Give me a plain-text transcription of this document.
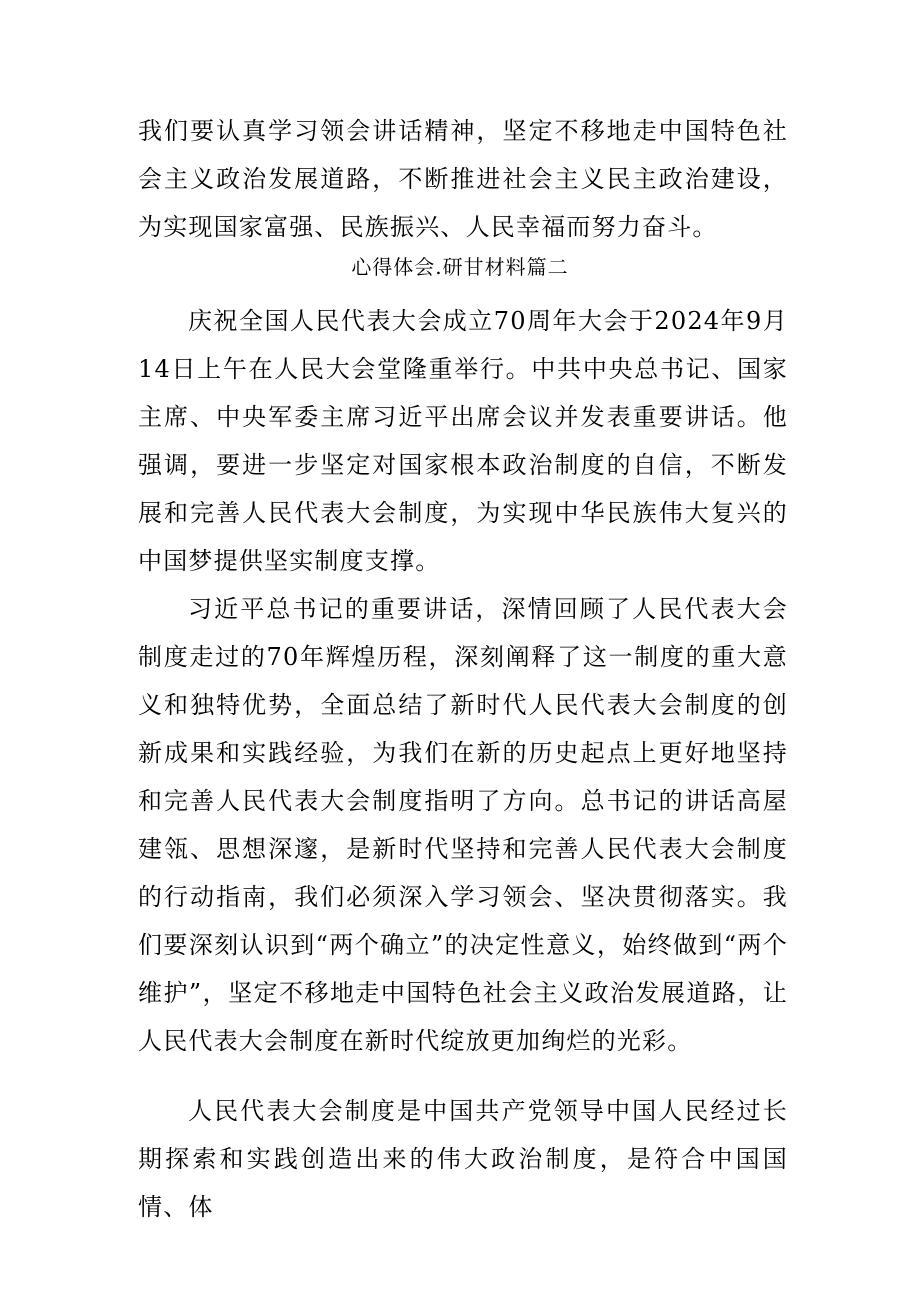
我们要认真学习领会讲话精神，坚定不移地走中国特色社会主义政治发展道路，不断推进社会主义民主政治建设，为实现国家富强、民族振兴、人民幸福而努力奋斗。
心得体会.研甘材料篇二
庆祝全国人民代表大会成立70周年大会于2024年9月14日上午在人民大会堂隆重举行。中共中央总书记、国家主席、中央军委主席习近平出席会议并发表重要讲话。他强调，要进一步坚定对国家根本政治制度的自信，不断发展和完善人民代表大会制度，为实现中华民族伟大复兴的中国梦提供坚实制度支撑。
习近平总书记的重要讲话，深情回顾了人民代表大会制度走过的70年辉煌历程，深刻阐释了这一制度的重大意义和独特优势，全面总结了新时代人民代表大会制度的创新成果和实践经验，为我们在新的历史起点上更好地坚持和完善人民代表大会制度指明了方向。总书记的讲话高屋建瓴、思想深邃，是新时代坚持和完善人民代表大会制度的行动指南，我们必须深入学习领会、坚决贯彻落实。我们要深刻认识到“两个确立”的决定性意义，始终做到“两个维护”，坚定不移地走中国特色社会主义政治发展道路，让人民代表大会制度在新时代绽放更加绚烂的光彩。
人民代表大会制度是中国共产党领导中国人民经过长期探索和实践创造出来的伟大政治制度，是符合中国国情、体
